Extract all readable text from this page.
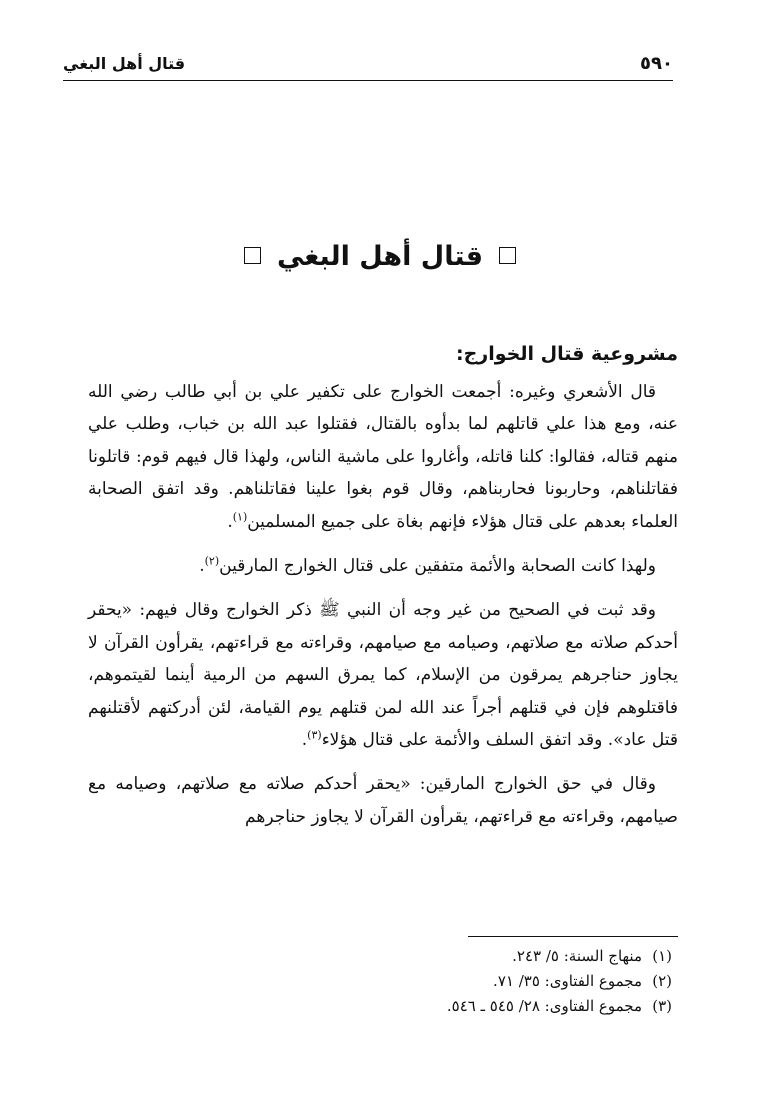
٥٩٠
قتال أهل البغي
قتال أهل البغي
مشروعية قتال الخوارج:

قال الأشعري وغيره: أجمعت الخوارج على تكفير علي بن أبي طالب رضي الله عنه، ومع هذا علي قاتلهم لما بدأوه بالقتال، فقتلوا عبد الله بن خباب، وطلب علي منهم قتاله، فقالوا: كلنا قاتله، وأغاروا على ماشية الناس، ولهذا قال فيهم قوم: قاتلونا فقاتلناهم، وحاربونا فحاربناهم، وقال قوم بغوا علينا فقاتلناهم. وقد اتفق الصحابة العلماء بعدهم على قتال هؤلاء فإنهم بغاة على جميع المسلمين$^{(١)}$.

ولهذا كانت الصحابة والأئمة متفقين على قتال الخوارج المارقين$^{(٢)}$.

وقد ثبت في الصحيح من غير وجه أن النبي ﷺ ذكر الخوارج وقال فيهم: «يحقر أحدكم صلاته مع صلاتهم، وصيامه مع صيامهم، وقراءته مع قراءتهم، يقرأون القرآن لا يجاوز حناجرهم يمرقون من الإسلام، كما يمرق السهم من الرمية أينما لقيتموهم، فاقتلوهم فإن في قتلهم أجراً عند الله لمن قتلهم يوم القيامة، لئن أدركتهم لأقتلنهم قتل عاد». وقد اتفق السلف والأئمة على قتال هؤلاء$^{(٣)}$.

وقال في حق الخوارج المارقين: «يحقر أحدكم صلاته مع صلاتهم، وصيامه مع صيامهم، وقراءته مع قراءتهم، يقرأون القرآن لا يجاوز حناجرهم

(١)منهاج السنة: ٥/ ٢٤٣.
(٢)مجموع الفتاوى: ٣٥/ ٧١.
(٣)مجموع الفتاوى: ٢٨/ ٥٤٥ ـ ٥٤٦.
